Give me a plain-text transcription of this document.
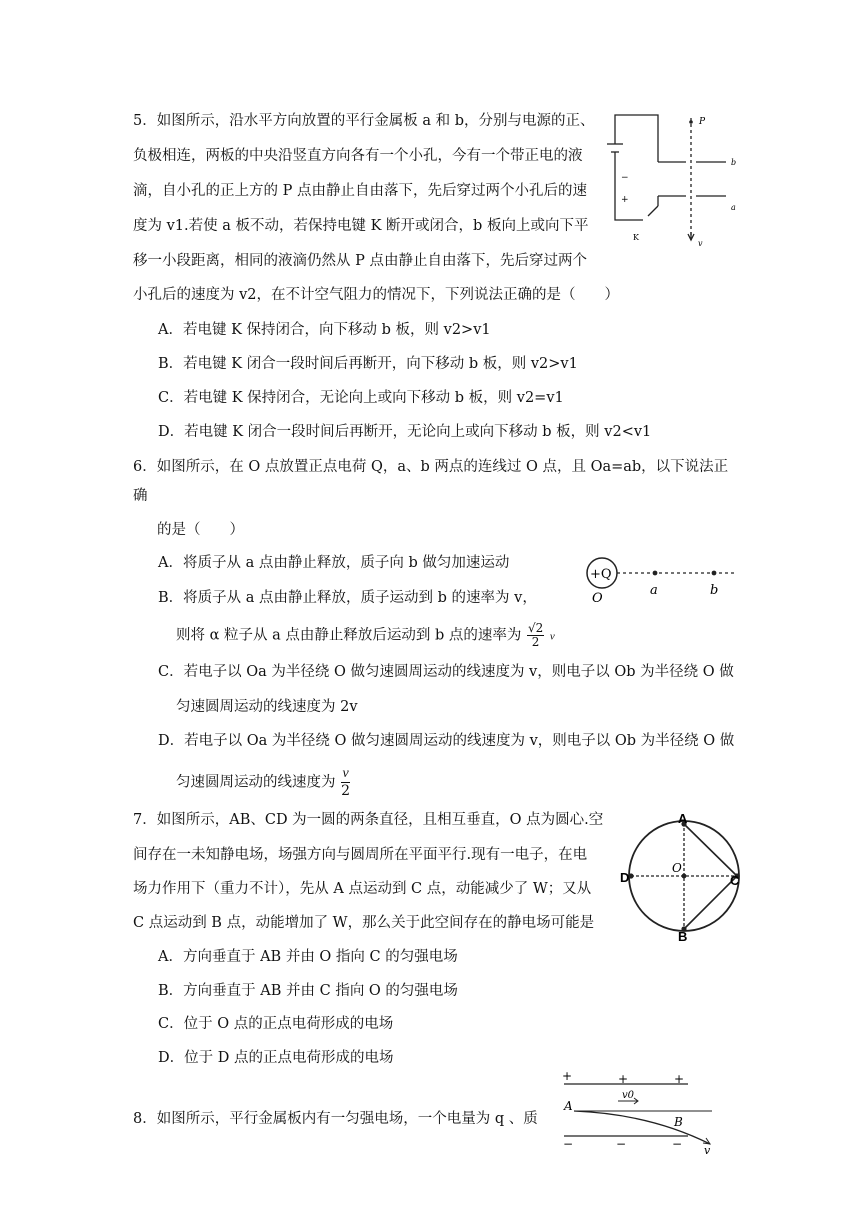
5．如图所示，沿水平方向放置的平行金属板 a 和 b，分别与电源的正、
负极相连，两板的中央沿竖直方向各有一个小孔，今有一个带正电的液
滴，自小孔的正上方的 P 点由静止自由落下，先后穿过两个小孔后的速
度为 v1.若使 a 板不动，若保持电键 K 断开或闭合，b 板向上或向下平
移一小段距离，相同的液滴仍然从 P 点由静止自由落下，先后穿过两个
小孔后的速度为 v2，在不计空气阻力的情况下，下列说法正确的是（　　）
A．若电键 K 保持闭合，向下移动 b 板，则 v2>v1
B．若电键 K 闭合一段时间后再断开，向下移动 b 板，则 v2>v1
C．若电键 K 保持闭合，无论向上或向下移动 b 板，则 v2=v1
D．若电键 K 闭合一段时间后再断开，无论向上或向下移动 b 板，则 v2<v1
P
b
a
v
K
−
+
6．如图所示，在 O 点放置正点电荷 Q，a、b 两点的连线过 O 点，且 Oa=ab，以下说法正
确
的是（　　）
A．将质子从 a 点由静止释放，质子向 b 做匀加速运动
B．将质子从 a 点由静止释放，质子运动到 b 的速率为 v，
则将 α 粒子从 a 点由静止释放后运动到 b 点的速率为 $\frac{√2}{2}$ v
C．若电子以 Oa 为半径绕 O 做匀速圆周运动的线速度为 v，则电子以 Ob 为半径绕 O 做
匀速圆周运动的线速度为 2v
D．若电子以 Oa 为半径绕 O 做匀速圆周运动的线速度为 v，则电子以 Ob 为半径绕 O 做
匀速圆周运动的线速度为 $\frac{v}{2}$
+Q
O
a	b
7．如图所示，AB、CD 为一圆的两条直径，且相互垂直，O 点为圆心.空
间存在一未知静电场，场强方向与圆周所在平面平行.现有一电子，在电
场力作用下（重力不计），先从 A 点运动到 C 点，动能减少了 W；又从
C 点运动到 B 点，动能增加了 W，那么关于此空间存在的静电场可能是
A．方向垂直于 AB 并由 O 指向 C 的匀强电场
B．方向垂直于 AB 并由 C 指向 O 的匀强电场
C．位于 O 点的正点电荷形成的电场
D．位于 D 点的正点电荷形成的电场
A
B
C
D
O
8．如图所示，平行金属板内有一匀强电场，一个电量为 q 、质
+	+	+
−	−	−
A
v0
B
v
